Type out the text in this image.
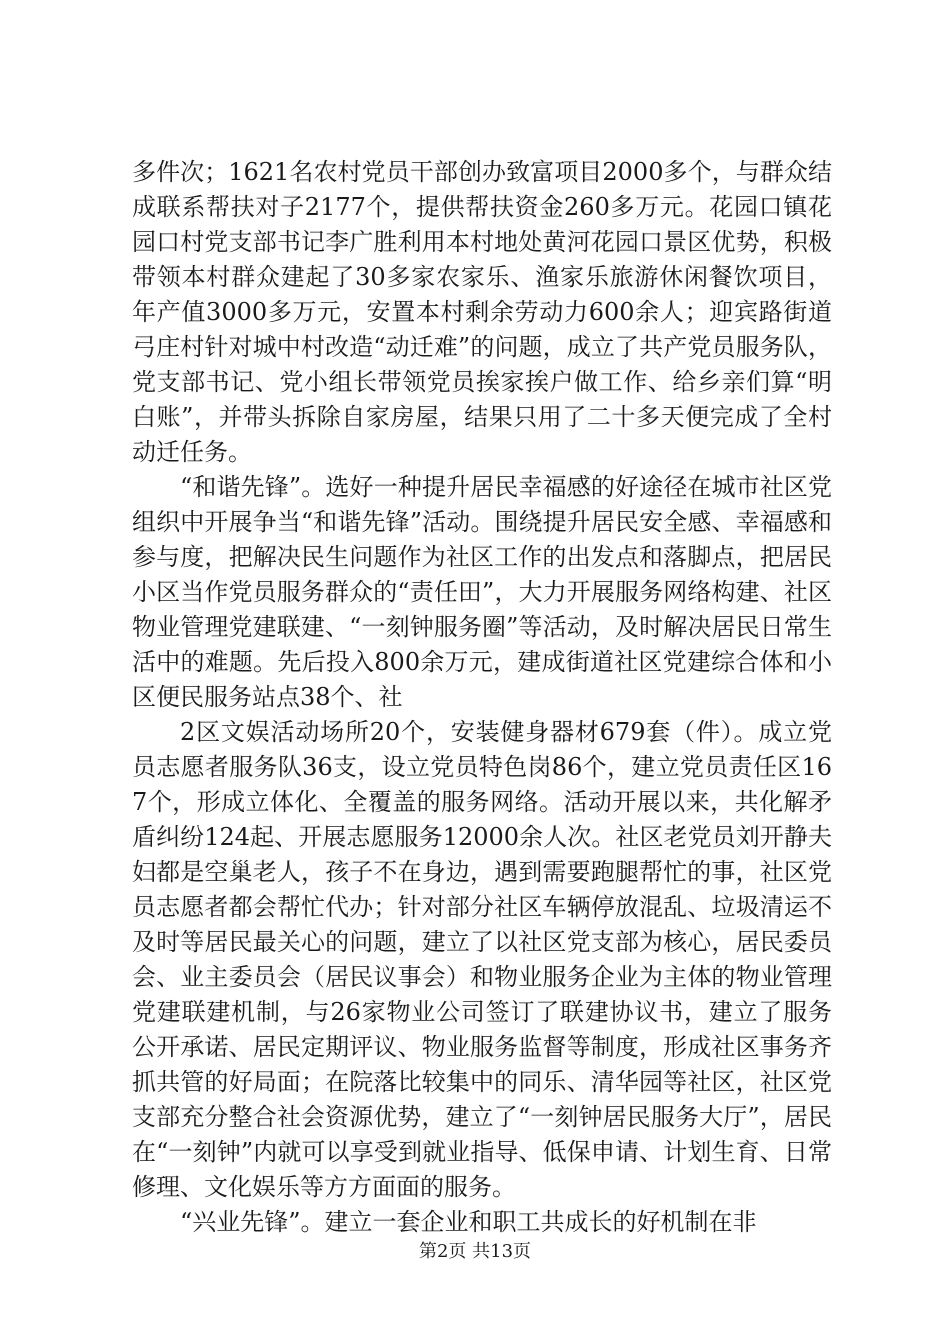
多件次；1621名农村党员干部创办致富项目2000多个，与群众结成联系帮扶对子2177个，提供帮扶资金260多万元。花园口镇花园口村党支部书记李广胜利用本村地处黄河花园口景区优势，积极带领本村群众建起了30多家农家乐、渔家乐旅游休闲餐饮项目，年产值3000多万元，安置本村剩余劳动力600余人；迎宾路街道弓庄村针对城中村改造“动迁难”的问题，成立了共产党员服务队，党支部书记、党小组长带领党员挨家挨户做工作、给乡亲们算“明白账”，并带头拆除自家房屋，结果只用了二十多天便完成了全村动迁任务。

“和谐先锋”。选好一种提升居民幸福感的好途径在城市社区党组织中开展争当“和谐先锋”活动。围绕提升居民安全感、幸福感和参与度，把解决民生问题作为社区工作的出发点和落脚点，把居民小区当作党员服务群众的“责任田”，大力开展服务网络构建、社区物业管理党建联建、“一刻钟服务圈”等活动，及时解决居民日常生活中的难题。先后投入800余万元，建成街道社区党建综合体和小区便民服务站点38个、社

2区文娱活动场所20个，安装健身器材679套（件）。成立党员志愿者服务队36支，设立党员特色岗86个，建立党员责任区167个，形成立体化、全覆盖的服务网络。活动开展以来，共化解矛盾纠纷124起、开展志愿服务12000余人次。社区老党员刘开静夫妇都是空巢老人，孩子不在身边，遇到需要跑腿帮忙的事，社区党员志愿者都会帮忙代办；针对部分社区车辆停放混乱、垃圾清运不及时等居民最关心的问题，建立了以社区党支部为核心，居民委员会、业主委员会（居民议事会）和物业服务企业为主体的物业管理党建联建机制，与26家物业公司签订了联建协议书，建立了服务公开承诺、居民定期评议、物业服务监督等制度，形成社区事务齐抓共管的好局面；在院落比较集中的同乐、清华园等社区，社区党支部充分整合社会资源优势，建立了“一刻钟居民服务大厅”，居民在“一刻钟”内就可以享受到就业指导、低保申请、计划生育、日常修理、文化娱乐等方方面面的服务。

“兴业先锋”。建立一套企业和职工共成长的好机制在非

第2页 共13页
